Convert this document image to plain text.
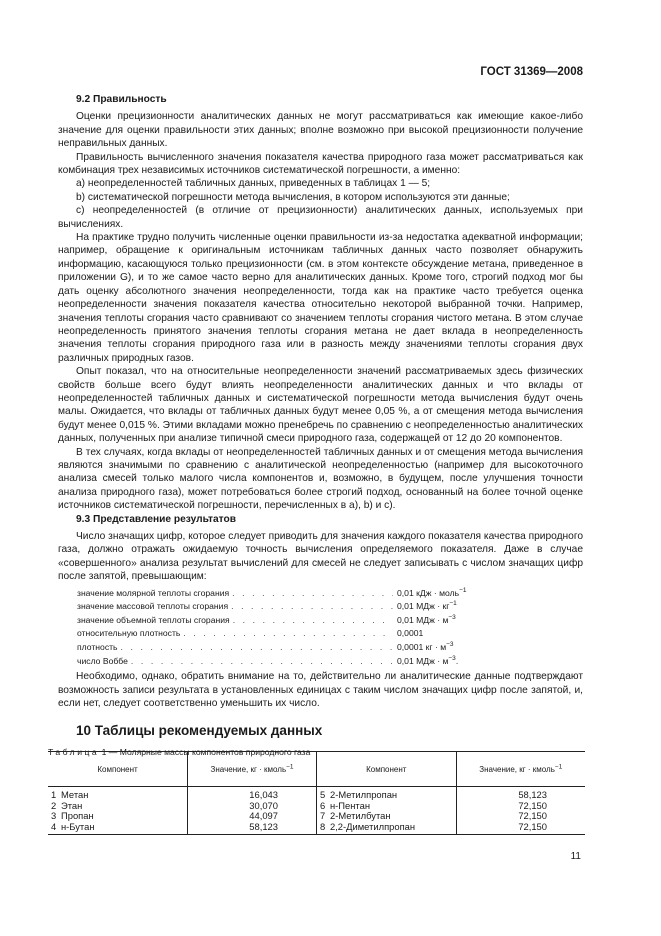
ГОСТ 31369—2008

9.2 Правильность

Оценки прецизионности аналитических данных не могут рассматриваться как имеющие какое-либо значение для оценки правильности этих данных; вполне возможно при высокой прецизионности получение неправильных данных.

Правильность вычисленного значения показателя качества природного газа может рассматриваться как комбинация трех независимых источников систематической погрешности, а именно:

a) неопределенностей табличных данных, приведенных в таблицах 1 — 5;

b) систематической погрешности метода вычисления, в котором используются эти данные;

c) неопределенностей (в отличие от прецизионности) аналитических данных, используемых при вычислениях.

На практике трудно получить численные оценки правильности из-за недостатка адекватной информации; например, обращение к оригинальным источникам табличных данных часто позволяет обнаружить информацию, касающуюся только прецизионности (см. в этом контексте обсуждение метана, приведенное в приложении G), и то же самое часто верно для аналитических данных. Кроме того, строгий подход мог бы дать оценку абсолютного значения неопределенности, тогда как на практике часто требуется оценка неопределенности значения показателя качества относительно некоторой выбранной точки. Например, значения теплоты сгорания часто сравнивают со значением теплоты сгорания чистого метана. В этом случае неопределенность принятого значения теплоты сгорания метана не дает вклада в неопределенность значения теплоты сгорания природного газа или в разность между значениями теплоты сгорания двух различных природных газов.

Опыт показал, что на относительные неопределенности значений рассматриваемых здесь физических свойств больше всего будут влиять неопределенности аналитических данных и что вклады от неопределенностей табличных данных и систематической погрешности метода вычисления будут очень малы. Ожидается, что вклады от табличных данных будут менее 0,05 %, а от смещения метода вычисления будут менее 0,015 %. Этими вкладами можно пренебречь по сравнению с неопределенностью аналитических данных, полученных при анализе типичной смеси природного газа, содержащей от 12 до 20 компонентов.

В тех случаях, когда вклады от неопределенностей табличных данных и от смещения метода вычисления являются значимыми по сравнению с аналитической неопределенностью (например для высокоточного анализа смесей только малого числа компонентов и, возможно, в будущем, после улучшения точности анализа природного газа), может потребоваться более строгий подход, основанный на более точной оценке источников систематической погрешности, перечисленных в а), b) и c).

9.3 Представление результатов

Число значащих цифр, которое следует приводить для значения каждого показателя качества природного газа, должно отражать ожидаемую точность вычисления определяемого показателя. Даже в случае «совершенного» анализа результат вычислений для смесей не следует записывать с числом значащих цифр после запятой, превышающим:

значение молярной теплоты сгорания . . .	0,01 кДж · моль$^{-1}$
значение массовой теплоты сгорания . . .	0,01 МДж · $кг^{-1}$
значение объемной теплоты сгорания . . .	0,01 МДж · $м^{-3}$
относительную плотность . . .	0,0001
плотность . . .	0,0001 кг · $м^{-3}$
число Воббе . . .	0,01 МДж · $м^{-3}$.

Необходимо, однако, обратить внимание на то, действительно ли аналитические данные подтверждают возможность записи результата в установленных единицах с таким числом значащих цифр после запятой, и, если нет, следует соответственно уменьшить их число.

10 Таблицы рекомендуемых данных
Таблица 1 — Молярные массы компонентов природного газа
Компонент	Значение, кг · кмоль$^{-1}$	Компонент	Значение, кг · кмоль$^{-1}$
1 Метан	16,043	5 2-Метилпропан	58,123
2 Этан	30,070	6 н-Пентан	72,150
3 Пропан	44,097	7 2-Метилбутан	72,150
4 н-Бутан	58,123	8 2,2-Диметилпропан	72,150
11
